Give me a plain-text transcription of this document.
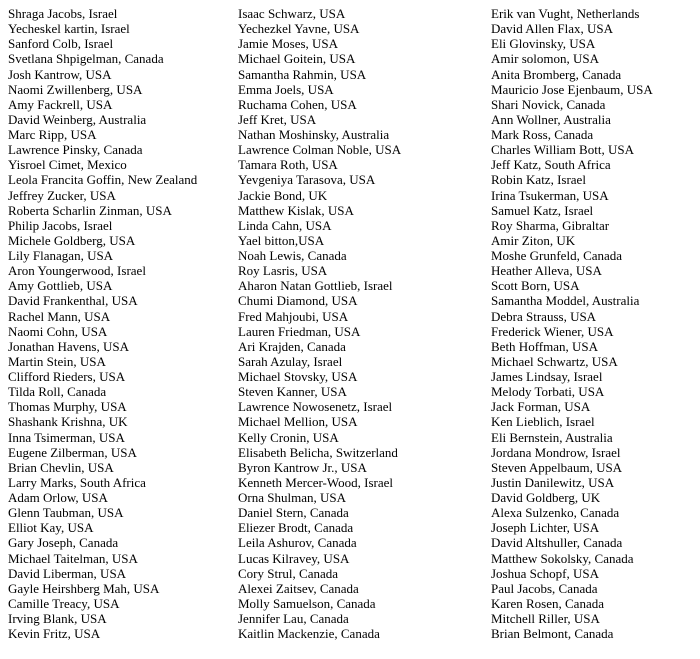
Shraga Jacobs, Israel
Yecheskel kartin, Israel
Sanford Colb, Israel
Svetlana Shpigelman, Canada
Josh Kantrow, USA
Naomi Zwillenberg, USA
Amy Fackrell, USA
David Weinberg, Australia
Marc Ripp, USA
Lawrence Pinsky, Canada
Yisroel Cimet, Mexico
Leola Francita Goffin, New Zealand
Jeffrey Zucker, USA
Roberta Scharlin Zinman, USA
Philip Jacobs, Israel
Michele Goldberg, USA
Lily Flanagan, USA
Aron Youngerwood, Israel
Amy Gottlieb, USA
David Frankenthal, USA
Rachel Mann, USA
Naomi Cohn, USA
Jonathan Havens, USA
Martin Stein, USA
Clifford Rieders, USA
Tilda Roll, Canada
Thomas Murphy, USA
Shashank Krishna, UK
Inna Tsimerman, USA
Eugene Zilberman, USA
Brian Chevlin, USA
Larry Marks, South Africa
Adam Orlow, USA
Glenn Taubman, USA
Elliot Kay, USA
Gary Joseph, Canada
Michael Taitelman, USA
David Liberman, USA
Gayle Heirshberg Mah, USA
Camille Treacy, USA
Irving Blank, USA
Kevin Fritz, USA
Isaac Schwarz, USA
Yechezkel Yavne, USA
Jamie Moses, USA
Michael Goitein, USA
Samantha Rahmin, USA
Emma Joels, USA
Ruchama Cohen, USA
Jeff Kret, USA
Nathan Moshinsky, Australia
Lawrence Colman Noble, USA
Tamara Roth, USA
Yevgeniya Tarasova, USA
Jackie Bond, UK
Matthew Kislak, USA
Linda Cahn, USA
Yael bitton,USA
Noah Lewis, Canada
Roy Lasris, USA
Aharon Natan Gottlieb, Israel
Chumi Diamond, USA
Fred Mahjoubi, USA
Lauren Friedman, USA
Ari Krajden, Canada
Sarah Azulay, Israel
Michael Stovsky, USA
Steven Kanner, USA
Lawrence Nowosenetz, Israel
Michael Mellion, USA
Kelly Cronin, USA
Elisabeth Belicha, Switzerland
Byron Kantrow Jr., USA
Kenneth Mercer-Wood, Israel
Orna Shulman, USA
Daniel Stern, Canada
Eliezer Brodt, Canada
Leila Ashurov, Canada
Lucas Kilravey, USA
Cory Strul, Canada
Alexei Zaitsev, Canada
Molly Samuelson, Canada
Jennifer Lau, Canada
Kaitlin Mackenzie, Canada
Erik van Vught, Netherlands
David Allen Flax, USA
Eli Glovinsky, USA
Amir solomon, USA
Anita Bromberg, Canada
Mauricio Jose Ejenbaum, USA
Shari Novick, Canada
Ann Wollner, Australia
Mark Ross, Canada
Charles William Bott, USA
Jeff Katz, South Africa
Robin Katz, Israel
Irina Tsukerman, USA
Samuel Katz, Israel
Roy Sharma, Gibraltar
Amir Ziton, UK
Moshe Grunfeld, Canada
Heather Alleva, USA
Scott Born, USA
Samantha Moddel, Australia
Debra Strauss, USA
Frederick Wiener, USA
Beth Hoffman, USA
Michael Schwartz, USA
James Lindsay, Israel
Melody Torbati, USA
Jack Forman, USA
Ken Lieblich, Israel
Eli Bernstein, Australia
Jordana Mondrow, Israel
Steven Appelbaum, USA
Justin Danilewitz, USA
David Goldberg, UK
Alexa Sulzenko, Canada
Joseph Lichter, USA
David Altshuller, Canada
Matthew Sokolsky, Canada
Joshua Schopf, USA
Paul Jacobs, Canada
Karen Rosen, Canada
Mitchell Riller, USA
Brian Belmont, Canada
